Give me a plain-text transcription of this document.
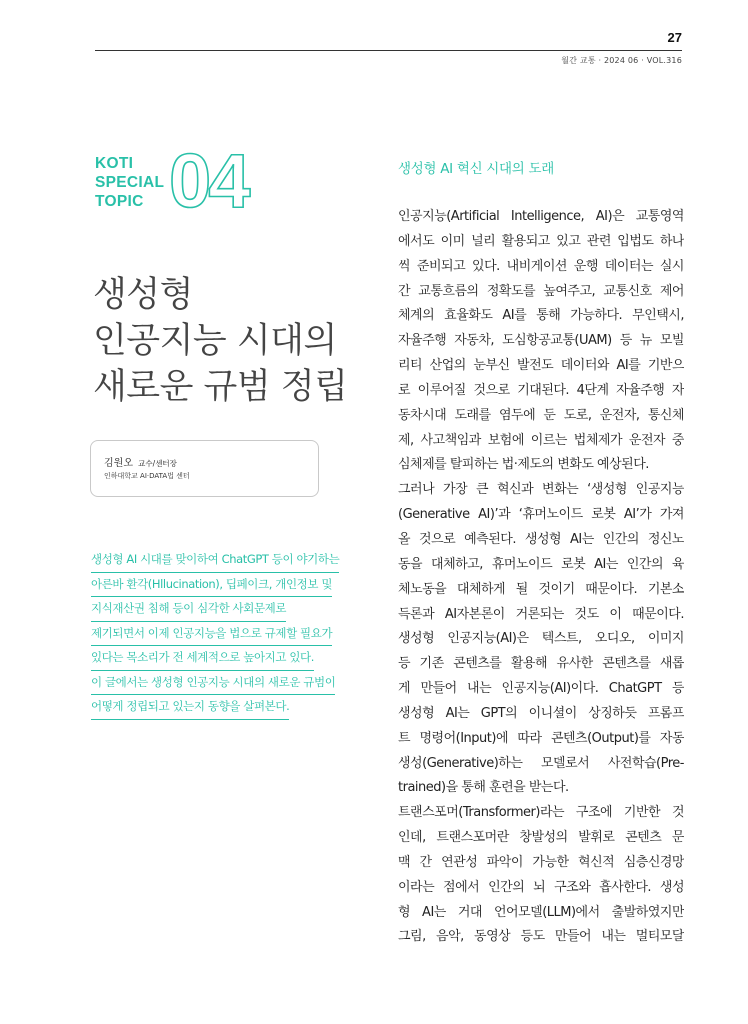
27
월간 교통 · 2024 06 · VOL.316
KOTI
SPECIAL
TOPIC 04
생성형
인공지능 시대의
새로운 규범 정립
김원오 교수/센터장
인하대학교 AI·DATA법 센터
생성형 AI 시대를 맞이하여 ChatGPT 등이 야기하는
아른바 환각(Hllucination), 딥페이크, 개인정보 및
지식재산권 침해 등이 심각한 사회문제로
제기되면서 이제 인공지능을 법으로 규제할 필요가
있다는 목소리가 전 세계적으로 높아지고 있다.
이 글에서는 생성형 인공지능 시대의 새로운 규범이
어떻게 정립되고 있는지 동향을 살펴본다.
생성형 AI 혁신 시대의 도래
인공지능(Artificial Intelligence, AI)은 교통영역
에서도 이미 널리 활용되고 있고 관련 입법도 하나
씩 준비되고 있다. 내비게이션 운행 데이터는 실시
간 교통흐름의 정확도를 높여주고, 교통신호 제어
체계의 효율화도 AI를 통해 가능하다. 무인택시,
자율주행 자동차, 도심항공교통(UAM) 등 뉴 모빌
리티 산업의 눈부신 발전도 데이터와 AI를 기반으
로 이루어질 것으로 기대된다. 4단계 자율주행 자
동차시대 도래를 염두에 둔 도로, 운전자, 통신체
제, 사고책임과 보험에 이르는 법체제가 운전자 중
심체제를 탈피하는 법·제도의 변화도 예상된다.
그러나 가장 큰 혁신과 변화는 ‘생성형 인공지능
(Generative AI)’과 ‘휴머노이드 로봇 AI’가 가져
올 것으로 예측된다. 생성형 AI는 인간의 정신노
동을 대체하고, 휴머노이드 로봇 AI는 인간의 육
체노동을 대체하게 될 것이기 때문이다. 기본소
득론과 AI자본론이 거론되는 것도 이 때문이다.
생성형 인공지능(AI)은 텍스트, 오디오, 이미지
등 기존 콘텐츠를 활용해 유사한 콘텐츠를 새롭
게 만들어 내는 인공지능(AI)이다. ChatGPT 등
생성형 AI는 GPT의 이니셜이 상징하듯 프롬프
트 명령어(Input)에 따라 콘텐츠(Output)를 자동
생성(Generative)하는 모델로서 사전학습(Pre-
trained)을 통해 훈련을 받는다.
트랜스포머(Transformer)라는 구조에 기반한 것
인데, 트랜스포머란 창발성의 발휘로 콘텐츠 문
맥 간 연관성 파악이 가능한 혁신적 심층신경망
이라는 점에서 인간의 뇌 구조와 흡사한다. 생성
형 AI는 거대 언어모델(LLM)에서 출발하였지만
그림, 음악, 동영상 등도 만들어 내는 멀티모달
